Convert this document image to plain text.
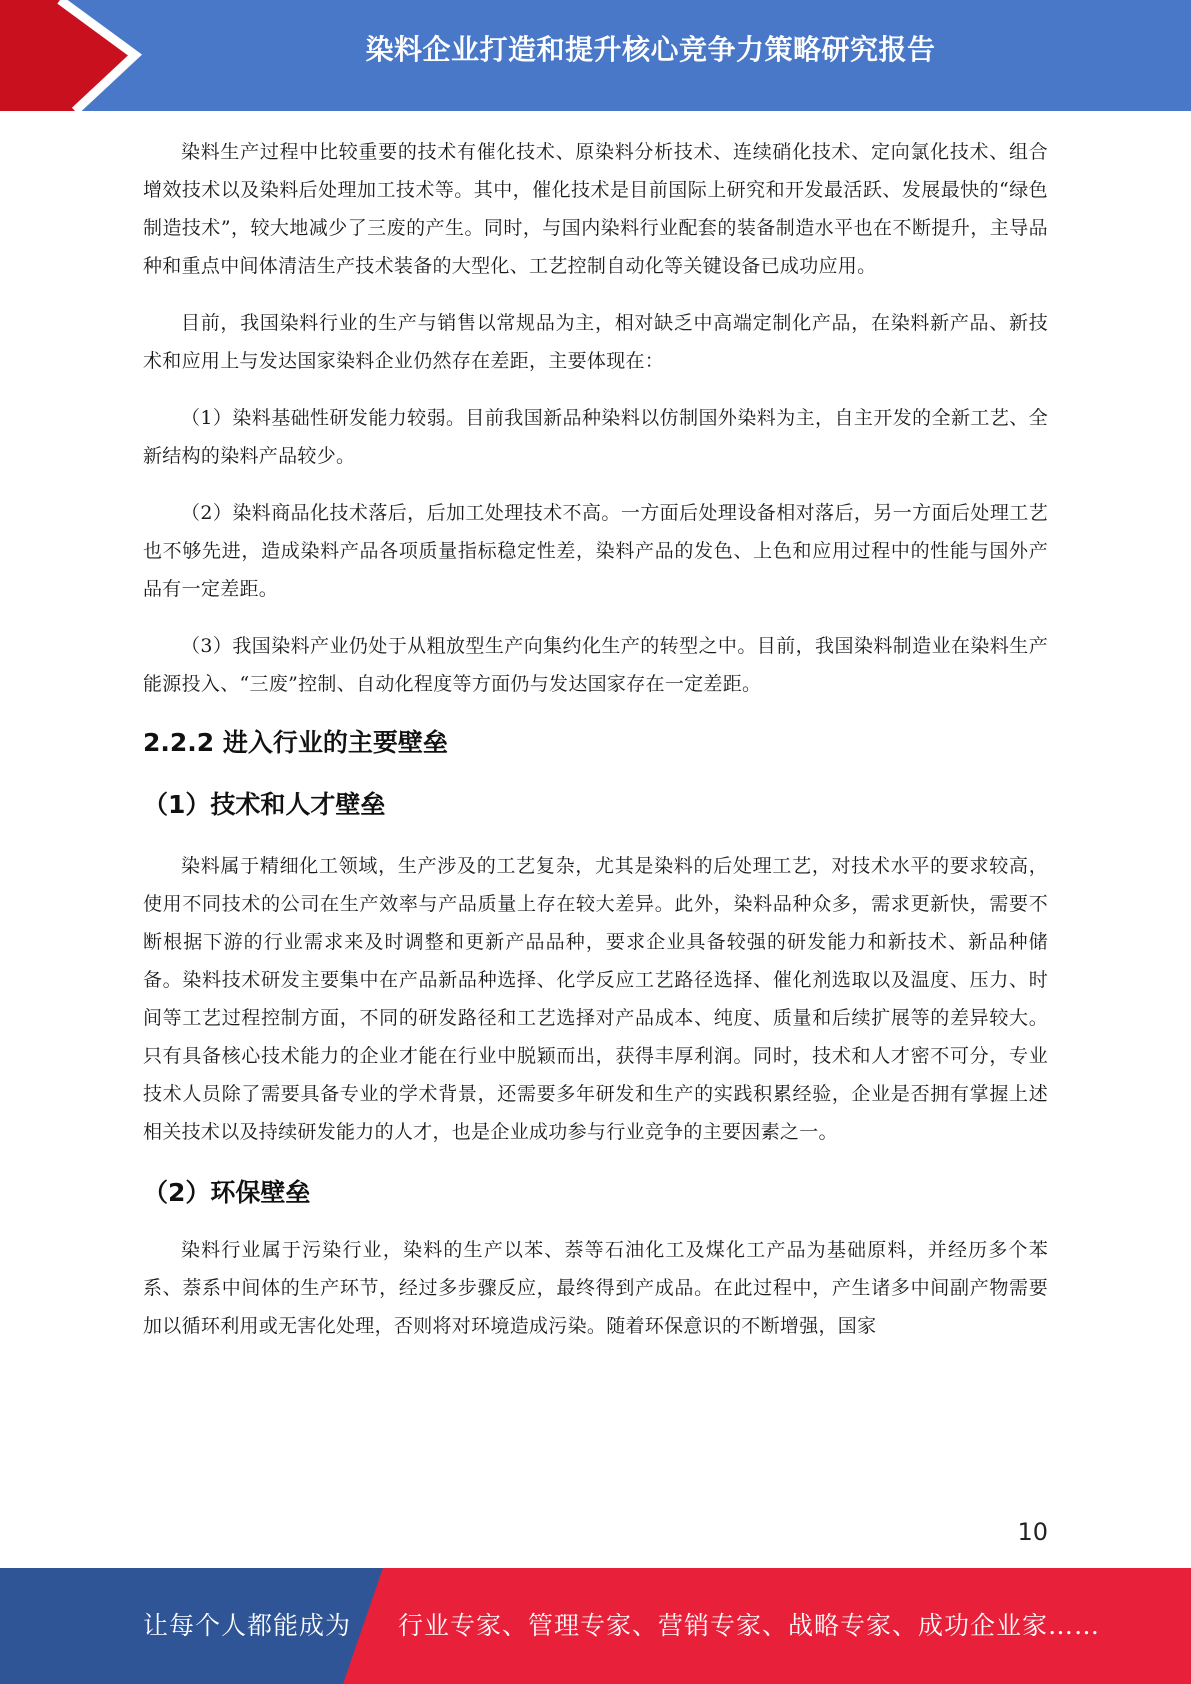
染料企业打造和提升核心竞争力策略研究报告

染料生产过程中比较重要的技术有催化技术、原染料分析技术、连续硝化技术、定向氯化技术、组合增效技术以及染料后处理加工技术等。其中，催化技术是目前国际上研究和开发最活跃、发展最快的“绿色制造技术”，较大地减少了三废的产生。同时，与国内染料行业配套的装备制造水平也在不断提升，主导品种和重点中间体清洁生产技术装备的大型化、工艺控制自动化等关键设备已成功应用。

目前，我国染料行业的生产与销售以常规品为主，相对缺乏中高端定制化产品，在染料新产品、新技术和应用上与发达国家染料企业仍然存在差距，主要体现在：

（1）染料基础性研发能力较弱。目前我国新品种染料以仿制国外染料为主，自主开发的全新工艺、全新结构的染料产品较少。

（2）染料商品化技术落后，后加工处理技术不高。一方面后处理设备相对落后，另一方面后处理工艺也不够先进，造成染料产品各项质量指标稳定性差，染料产品的发色、上色和应用过程中的性能与国外产品有一定差距。

（3）我国染料产业仍处于从粗放型生产向集约化生产的转型之中。目前，我国染料制造业在染料生产能源投入、“三废”控制、自动化程度等方面仍与发达国家存在一定差距。

2.2.2 进入行业的主要壁垒
（1）技术和人才壁垒

染料属于精细化工领域，生产涉及的工艺复杂，尤其是染料的后处理工艺，对技术水平的要求较高，使用不同技术的公司在生产效率与产品质量上存在较大差异。此外，染料品种众多，需求更新快，需要不断根据下游的行业需求来及时调整和更新产品品种，要求企业具备较强的研发能力和新技术、新品种储备。染料技术研发主要集中在产品新品种选择、化学反应工艺路径选择、催化剂选取以及温度、压力、时间等工艺过程控制方面，不同的研发路径和工艺选择对产品成本、纯度、质量和后续扩展等的差异较大。只有具备核心技术能力的企业才能在行业中脱颖而出，获得丰厚利润。同时，技术和人才密不可分，专业技术人员除了需要具备专业的学术背景，还需要多年研发和生产的实践积累经验，企业是否拥有掌握上述相关技术以及持续研发能力的人才，也是企业成功参与行业竞争的主要因素之一。

（2）环保壁垒

染料行业属于污染行业，染料的生产以苯、萘等石油化工及煤化工产品为基础原料，并经历多个苯系、萘系中间体的生产环节，经过多步骤反应，最终得到产成品。在此过程中，产生诸多中间副产物需要加以循环利用或无害化处理，否则将对环境造成污染。随着环保意识的不断增强，国家

10
让每个人都能成为 行业专家、管理专家、营销专家、战略专家、成功企业家……
